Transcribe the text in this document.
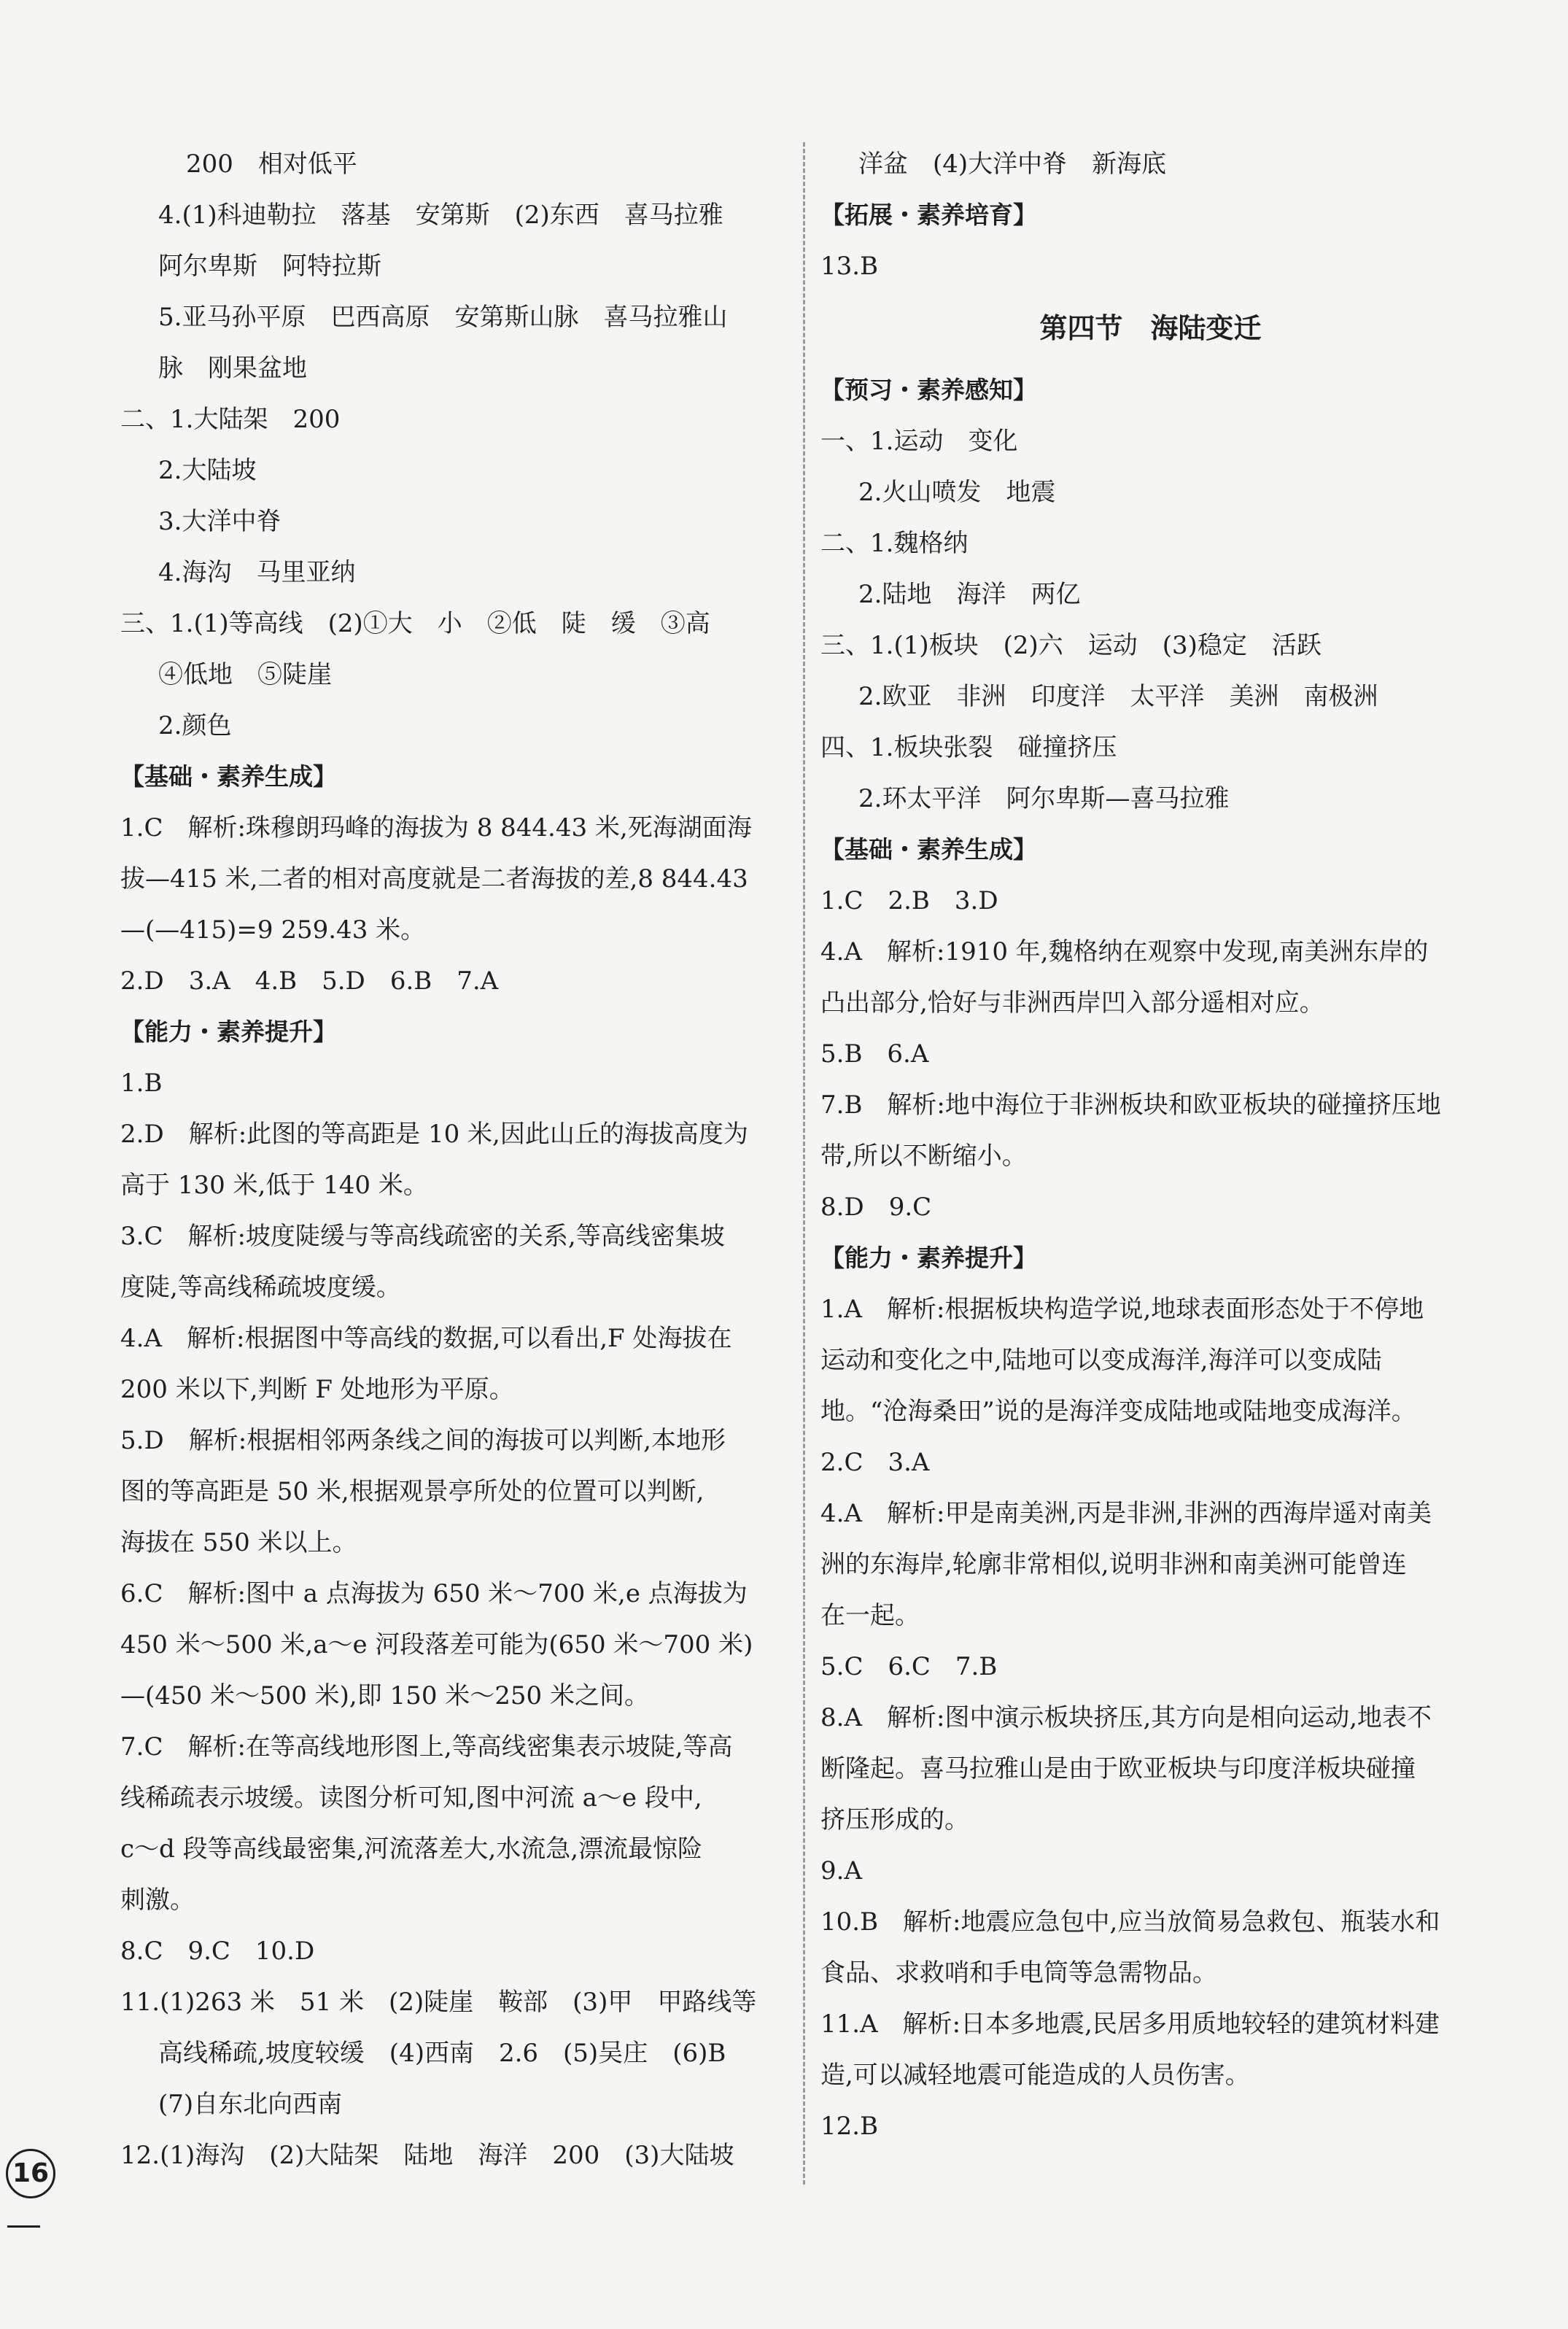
200　相对低平
4.(1)科迪勒拉　落基　安第斯　(2)东西　喜马拉雅
阿尔卑斯　阿特拉斯
5.亚马孙平原　巴西高原　安第斯山脉　喜马拉雅山
脉　刚果盆地
二、1.大陆架　200
2.大陆坡
3.大洋中脊
4.海沟　马里亚纳
三、1.(1)等高线　(2)①大　小　②低　陡　缓　③高
④低地　⑤陡崖
2.颜色
【基础・素养生成】
1.C　解析:珠穆朗玛峰的海拔为 8 844.43 米,死海湖面海
拔—415 米,二者的相对高度就是二者海拔的差,8 844.43
—(—415)=9 259.43 米。
2.D　3.A　4.B　5.D　6.B　7.A
【能力・素养提升】
1.B
2.D　解析:此图的等高距是 10 米,因此山丘的海拔高度为
高于 130 米,低于 140 米。
3.C　解析:坡度陡缓与等高线疏密的关系,等高线密集坡
度陡,等高线稀疏坡度缓。
4.A　解析:根据图中等高线的数据,可以看出,F 处海拔在
200 米以下,判断 F 处地形为平原。
5.D　解析:根据相邻两条线之间的海拔可以判断,本地形
图的等高距是 50 米,根据观景亭所处的位置可以判断,
海拔在 550 米以上。
6.C　解析:图中 a 点海拔为 650 米～700 米,e 点海拔为
450 米～500 米,a～e 河段落差可能为(650 米～700 米)
—(450 米～500 米),即 150 米～250 米之间。
7.C　解析:在等高线地形图上,等高线密集表示坡陡,等高
线稀疏表示坡缓。读图分析可知,图中河流 a～e 段中,
c～d 段等高线最密集,河流落差大,水流急,漂流最惊险
刺激。
8.C　9.C　10.D
11.(1)263 米　51 米　(2)陡崖　鞍部　(3)甲　甲路线等
高线稀疏,坡度较缓　(4)西南　2.6　(5)吴庄　(6)B
(7)自东北向西南
12.(1)海沟　(2)大陆架　陆地　海洋　200　(3)大陆坡
洋盆　(4)大洋中脊　新海底
【拓展・素养培育】
13.B
第四节　海陆变迁
【预习・素养感知】
一、1.运动　变化
2.火山喷发　地震
二、1.魏格纳
2.陆地　海洋　两亿
三、1.(1)板块　(2)六　运动　(3)稳定　活跃
2.欧亚　非洲　印度洋　太平洋　美洲　南极洲
四、1.板块张裂　碰撞挤压
2.环太平洋　阿尔卑斯—喜马拉雅
【基础・素养生成】
1.C　2.B　3.D
4.A　解析:1910 年,魏格纳在观察中发现,南美洲东岸的
凸出部分,恰好与非洲西岸凹入部分遥相对应。
5.B　6.A
7.B　解析:地中海位于非洲板块和欧亚板块的碰撞挤压地
带,所以不断缩小。
8.D　9.C
【能力・素养提升】
1.A　解析:根据板块构造学说,地球表面形态处于不停地
运动和变化之中,陆地可以变成海洋,海洋可以变成陆
地。“沧海桑田”说的是海洋变成陆地或陆地变成海洋。
2.C　3.A
4.A　解析:甲是南美洲,丙是非洲,非洲的西海岸遥对南美
洲的东海岸,轮廓非常相似,说明非洲和南美洲可能曾连
在一起。
5.C　6.C　7.B
8.A　解析:图中演示板块挤压,其方向是相向运动,地表不
断隆起。喜马拉雅山是由于欧亚板块与印度洋板块碰撞
挤压形成的。
9.A
10.B　解析:地震应急包中,应当放简易急救包、瓶装水和
食品、求救哨和手电筒等急需物品。
11.A　解析:日本多地震,民居多用质地较轻的建筑材料建
造,可以减轻地震可能造成的人员伤害。
12.B
16
